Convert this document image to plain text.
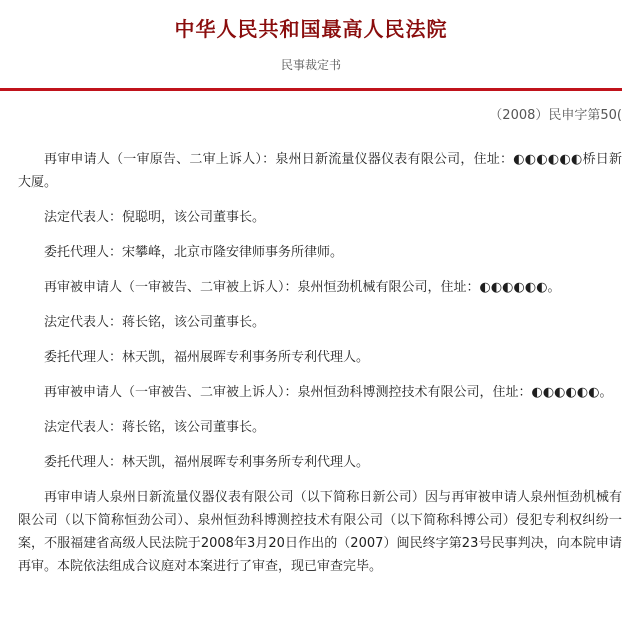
中华人民共和国最高人民法院
民事裁定书
（2008）民申字第50(

再审申请人（一审原告、二审上诉人）：泉州日新流量仪器仪表有限公司，住址：◐◐◐◐◐◐桥日新大厦。

法定代表人：倪聪明，该公司董事长。

委托代理人：宋攀峰，北京市隆安律师事务所律师。

再审被申请人（一审被告、二审被上诉人）：泉州恒劲机械有限公司，住址：◐◐◐◐◐◐。

法定代表人：蒋长铭，该公司董事长。

委托代理人：林天凯，福州展晖专利事务所专利代理人。

再审被申请人（一审被告、二审被上诉人）：泉州恒劲科博测控技术有限公司，住址：◐◐◐◐◐◐。

法定代表人：蒋长铭，该公司董事长。

委托代理人：林天凯，福州展晖专利事务所专利代理人。

再审申请人泉州日新流量仪器仪表有限公司（以下简称日新公司）因与再审被申请人泉州恒劲机械有限公司（以下简称恒劲公司）、泉州恒劲科博测控技术有限公司（以下简称科博公司）侵犯专利权纠纷一案，不服福建省高级人民法院于2008年3月20日作出的（2007）闽民终字第23号民事判决，向本院申请再审。本院依法组成合议庭对本案进行了审查，现已审查完毕。
